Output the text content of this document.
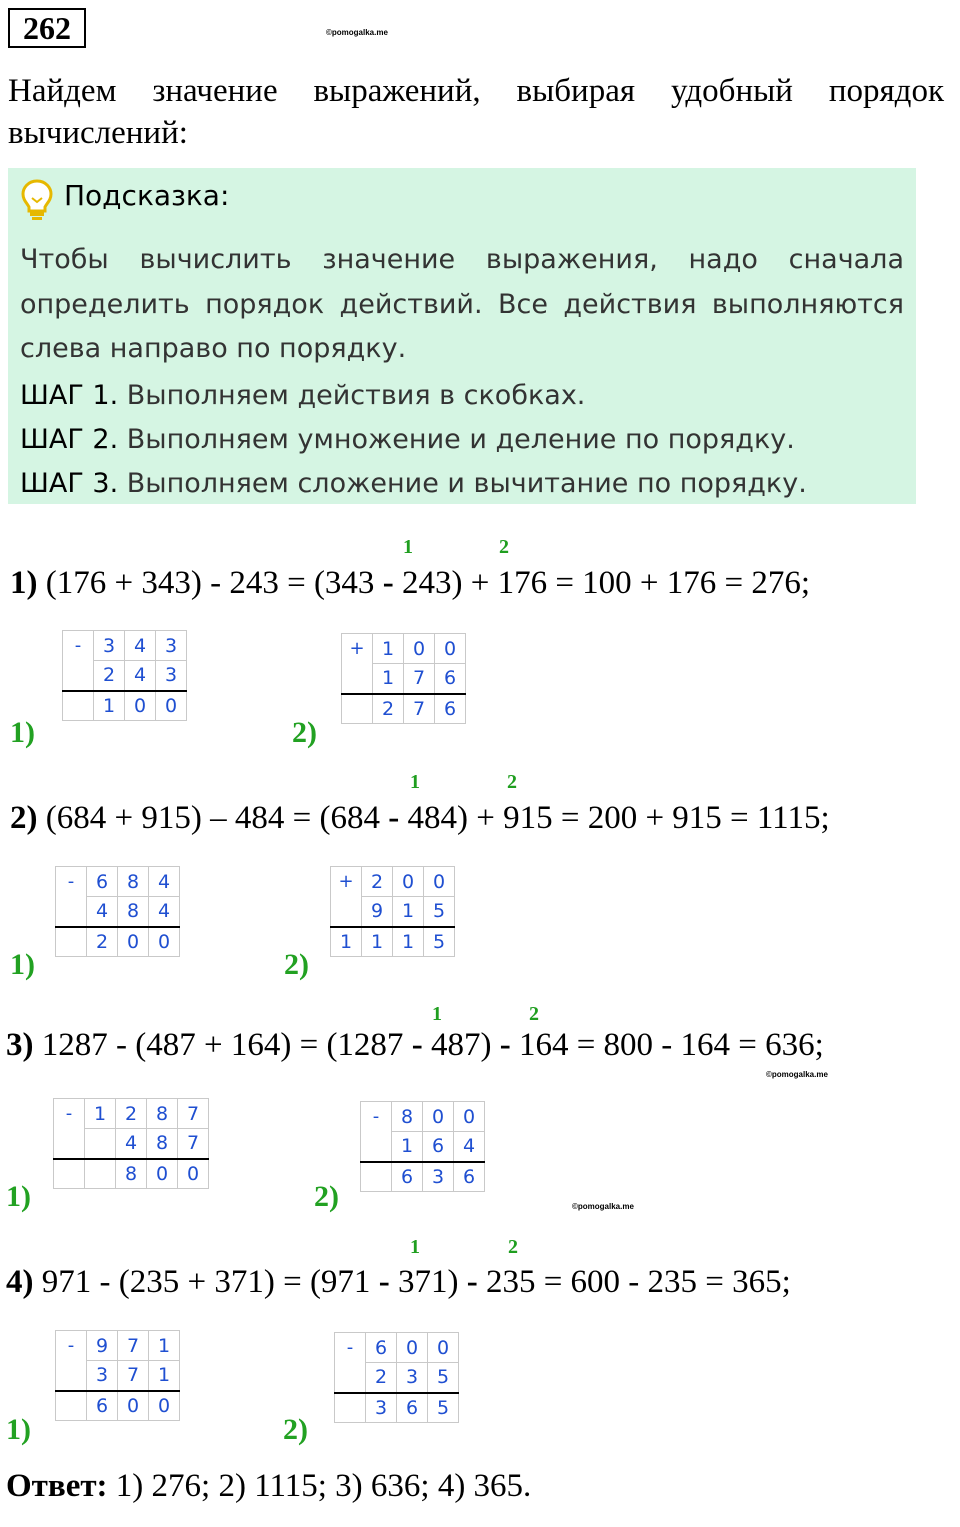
262	©pomogalka.me
Найдем значение выражений, выбирая удобный порядок вычислений:
Подсказка:
Чтобы вычислить значение выражения, надо сначала определить порядок действий. Все действия выполняются слева направо по порядку.
ШАГ 1. Выполняем действия в скобках.
ШАГ 2. Выполняем умножение и деление по порядку.
ШАГ 3. Выполняем сложение и вычитание по порядку.
1	2
1) (176 + 343) - 243 = (343 - 243) + 176 = 100 + 176 = 276;
-	3	4	3
	2	4	3
	1	0	0
1)
+	1	0	0
	1	7	6
	2	7	6
2)
1	2
2) (684 + 915) – 484 = (684 - 484) + 915 = 200 + 915 = 1115;
-	6	8	4
	4	8	4
	2	0	0
1)
+	2	0	0
	9	1	5
1	1	1	5
2)
1	2
3) 1287 - (487 + 164) = (1287 - 487) - 164 = 800 - 164 = 636;
©pomogalka.me
-	1	2	8	7
		4	8	7
		8	0	0
1)
-	8	0	0
	1	6	4
	6	3	6
2)	©pomogalka.me
1	2
4) 971 - (235 + 371) = (971 - 371) - 235 = 600 - 235 = 365;
-	9	7	1
	3	7	1
	6	0	0
1)
-	6	0	0
	2	3	5
	3	6	5
2)
Ответ: 1) 276; 2) 1115; 3) 636; 4) 365.
